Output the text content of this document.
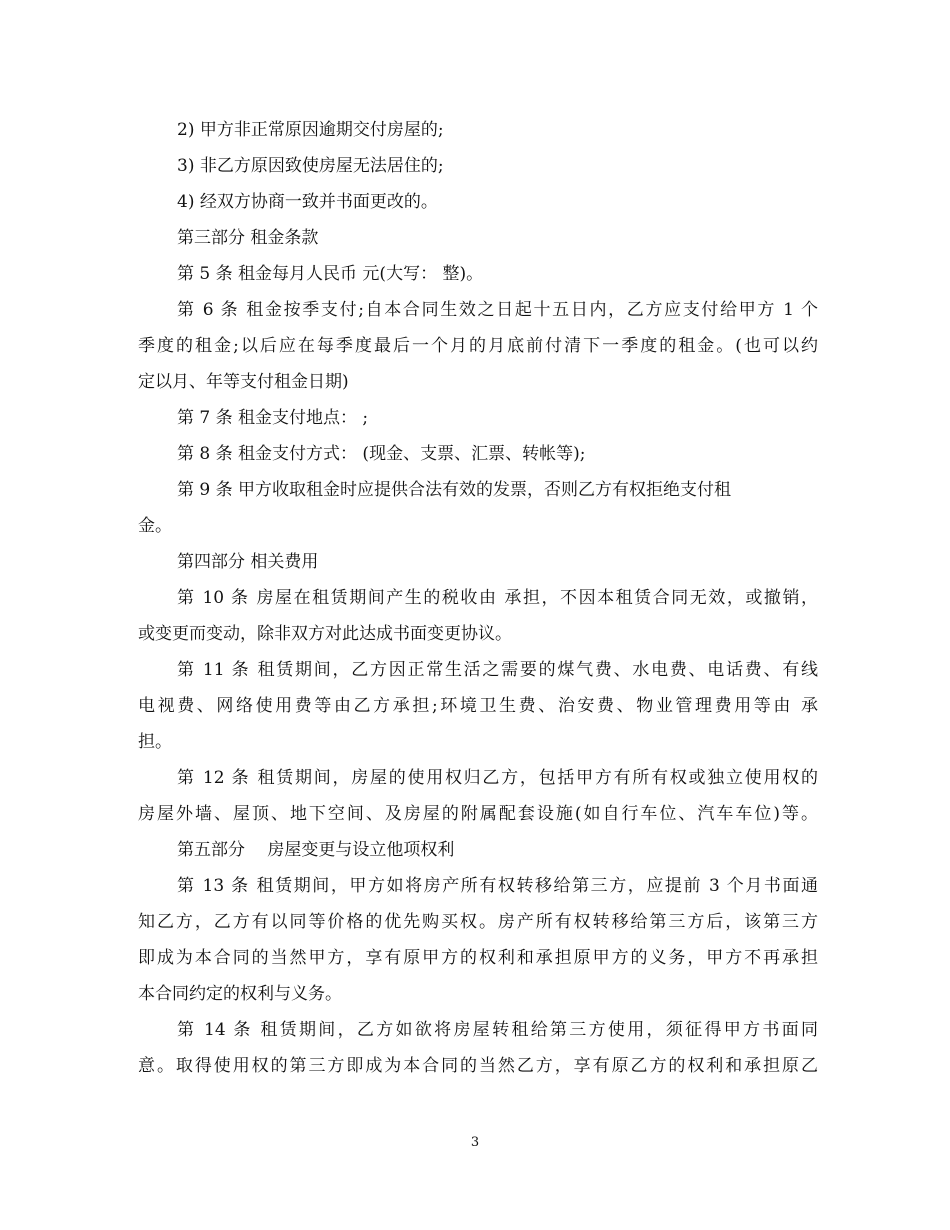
2) 甲方非正常原因逾期交付房屋的;
3) 非乙方原因致使房屋无法居住的;
4) 经双方协商一致并书面更改的。
第三部分 租金条款
第 5 条 租金每月人民币 元(大写： 整)。
第 6 条 租金按季支付;自本合同生效之日起十五日内，乙方应支付给甲方 1 个
季度的租金;以后应在每季度最后一个月的月底前付清下一季度的租金。(也可以约
定以月、年等支付租金日期)
第 7 条 租金支付地点： ;
第 8 条 租金支付方式： (现金、支票、汇票、转帐等);
第 9 条 甲方收取租金时应提供合法有效的发票，否则乙方有权拒绝支付租
金。
第四部分 相关费用
第 10 条 房屋在租赁期间产生的税收由 承担，不因本租赁合同无效，或撤销，
或变更而变动，除非双方对此达成书面变更协议。
第 11 条 租赁期间，乙方因正常生活之需要的煤气费、水电费、电话费、有线
电视费、网络使用费等由乙方承担;环境卫生费、治安费、物业管理费用等由 承
担。
第 12 条 租赁期间，房屋的使用权归乙方，包括甲方有所有权或独立使用权的
房屋外墙、屋顶、地下空间、及房屋的附属配套设施(如自行车位、汽车车位)等。
第五部分 　房屋变更与设立他项权利
第 13 条 租赁期间，甲方如将房产所有权转移给第三方，应提前 3 个月书面通
知乙方，乙方有以同等价格的优先购买权。房产所有权转移给第三方后，该第三方
即成为本合同的当然甲方，享有原甲方的权利和承担原甲方的义务，甲方不再承担
本合同约定的权利与义务。
第 14 条 租赁期间，乙方如欲将房屋转租给第三方使用，须征得甲方书面同
意。取得使用权的第三方即成为本合同的当然乙方，享有原乙方的权利和承担原乙
3
